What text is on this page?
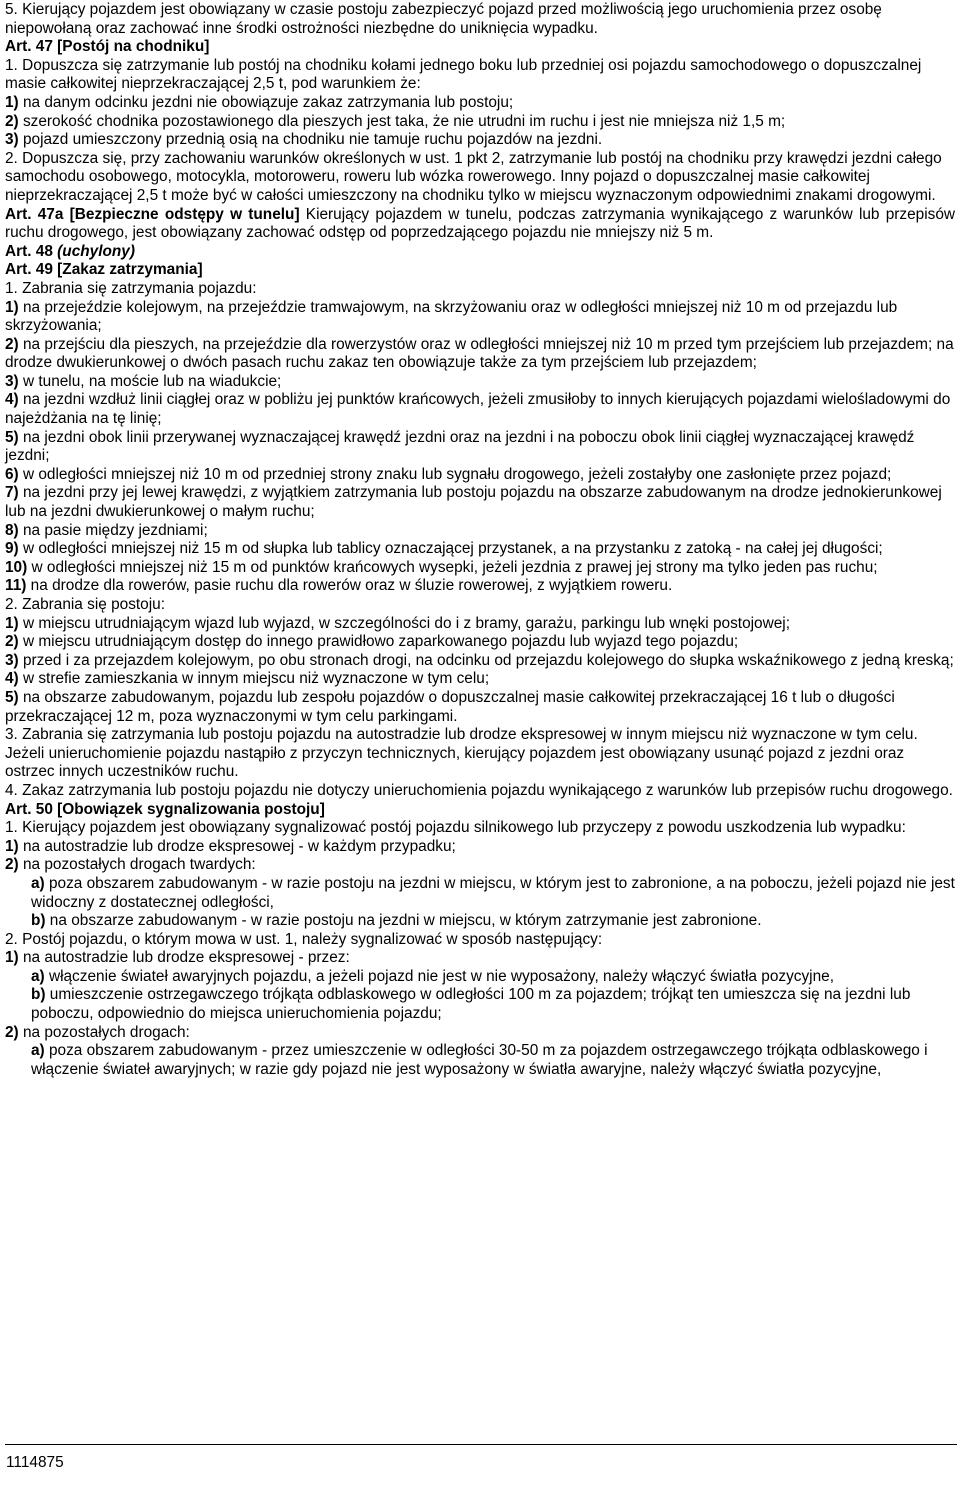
5. Kierujący pojazdem jest obowiązany w czasie postoju zabezpieczyć pojazd przed możliwością jego uruchomienia przez osobę niepowołaną oraz zachować inne środki ostrożności niezbędne do uniknięcia wypadku.

Art. 47 [Postój na chodniku]

1. Dopuszcza się zatrzymanie lub postój na chodniku kołami jednego boku lub przedniej osi pojazdu samochodowego o dopuszczalnej masie całkowitej nieprzekraczającej 2,5 t, pod warunkiem że:

1) na danym odcinku jezdni nie obowiązuje zakaz zatrzymania lub postoju;

2) szerokość chodnika pozostawionego dla pieszych jest taka, że nie utrudni im ruchu i jest nie mniejsza niż 1,5 m;

3) pojazd umieszczony przednią osią na chodniku nie tamuje ruchu pojazdów na jezdni.

2. Dopuszcza się, przy zachowaniu warunków określonych w ust. 1 pkt 2, zatrzymanie lub postój na chodniku przy krawędzi jezdni całego samochodu osobowego, motocykla, motoroweru, roweru lub wózka rowerowego. Inny pojazd o dopuszczalnej masie całkowitej nieprzekraczającej 2,5 t może być w całości umieszczony na chodniku tylko w miejscu wyznaczonym odpowiednimi znakami drogowymi.

Art. 47a [Bezpieczne odstępy w tunelu] Kierujący pojazdem w tunelu, podczas zatrzymania wynikającego z warunków lub przepisów ruchu drogowego, jest obowiązany zachować odstęp od poprzedzającego pojazdu nie mniejszy niż 5 m.

Art. 48 (uchylony)

Art. 49 [Zakaz zatrzymania]

1. Zabrania się zatrzymania pojazdu:

1) na przejeździe kolejowym, na przejeździe tramwajowym, na skrzyżowaniu oraz w odległości mniejszej niż 10 m od przejazdu lub skrzyżowania;

2) na przejściu dla pieszych, na przejeździe dla rowerzystów oraz w odległości mniejszej niż 10 m przed tym przejściem lub przejazdem; na drodze dwukierunkowej o dwóch pasach ruchu zakaz ten obowiązuje także za tym przejściem lub przejazdem;

3) w tunelu, na moście lub na wiadukcie;

4) na jezdni wzdłuż linii ciągłej oraz w pobliżu jej punktów krańcowych, jeżeli zmusiłoby to innych kierujących pojazdami wielośladowymi do najeżdżania na tę linię;

5) na jezdni obok linii przerywanej wyznaczającej krawędź jezdni oraz na jezdni i na poboczu obok linii ciągłej wyznaczającej krawędź jezdni;

6) w odległości mniejszej niż 10 m od przedniej strony znaku lub sygnału drogowego, jeżeli zostałyby one zasłonięte przez pojazd;

7) na jezdni przy jej lewej krawędzi, z wyjątkiem zatrzymania lub postoju pojazdu na obszarze zabudowanym na drodze jednokierunkowej lub na jezdni dwukierunkowej o małym ruchu;

8) na pasie między jezdniami;

9) w odległości mniejszej niż 15 m od słupka lub tablicy oznaczającej przystanek, a na przystanku z zatoką - na całej jej długości;

10) w odległości mniejszej niż 15 m od punktów krańcowych wysepki, jeżeli jezdnia z prawej jej strony ma tylko jeden pas ruchu;

11) na drodze dla rowerów, pasie ruchu dla rowerów oraz w śluzie rowerowej, z wyjątkiem roweru.

2. Zabrania się postoju:

1) w miejscu utrudniającym wjazd lub wyjazd, w szczególności do i z bramy, garażu, parkingu lub wnęki postojowej;

2) w miejscu utrudniającym dostęp do innego prawidłowo zaparkowanego pojazdu lub wyjazd tego pojazdu;

3) przed i za przejazdem kolejowym, po obu stronach drogi, na odcinku od przejazdu kolejowego do słupka wskaźnikowego z jedną kreską;

4) w strefie zamieszkania w innym miejscu niż wyznaczone w tym celu;

5) na obszarze zabudowanym, pojazdu lub zespołu pojazdów o dopuszczalnej masie całkowitej przekraczającej 16 t lub o długości przekraczającej 12 m, poza wyznaczonymi w tym celu parkingami.

3. Zabrania się zatrzymania lub postoju pojazdu na autostradzie lub drodze ekspresowej w innym miejscu niż wyznaczone w tym celu. Jeżeli unieruchomienie pojazdu nastąpiło z przyczyn technicznych, kierujący pojazdem jest obowiązany usunąć pojazd z jezdni oraz ostrzec innych uczestników ruchu.

4. Zakaz zatrzymania lub postoju pojazdu nie dotyczy unieruchomienia pojazdu wynikającego z warunków lub przepisów ruchu drogowego.

Art. 50 [Obowiązek sygnalizowania postoju]

1. Kierujący pojazdem jest obowiązany sygnalizować postój pojazdu silnikowego lub przyczepy z powodu uszkodzenia lub wypadku:

1) na autostradzie lub drodze ekspresowej - w każdym przypadku;

2) na pozostałych drogach twardych:

a) poza obszarem zabudowanym - w razie postoju na jezdni w miejscu, w którym jest to zabronione, a na poboczu, jeżeli pojazd nie jest widoczny z dostatecznej odległości,

b) na obszarze zabudowanym - w razie postoju na jezdni w miejscu, w którym zatrzymanie jest zabronione.

2. Postój pojazdu, o którym mowa w ust. 1, należy sygnalizować w sposób następujący:

1) na autostradzie lub drodze ekspresowej - przez:

a) włączenie świateł awaryjnych pojazdu, a jeżeli pojazd nie jest w nie wyposażony, należy włączyć światła pozycyjne,

b) umieszczenie ostrzegawczego trójkąta odblaskowego w odległości 100 m za pojazdem; trójkąt ten umieszcza się na jezdni lub poboczu, odpowiednio do miejsca unieruchomienia pojazdu;

2) na pozostałych drogach:

a) poza obszarem zabudowanym - przez umieszczenie w odległości 30-50 m za pojazdem ostrzegawczego trójkąta odblaskowego i włączenie świateł awaryjnych; w razie gdy pojazd nie jest wyposażony w światła awaryjne, należy włączyć światła pozycyjne,

1114875
